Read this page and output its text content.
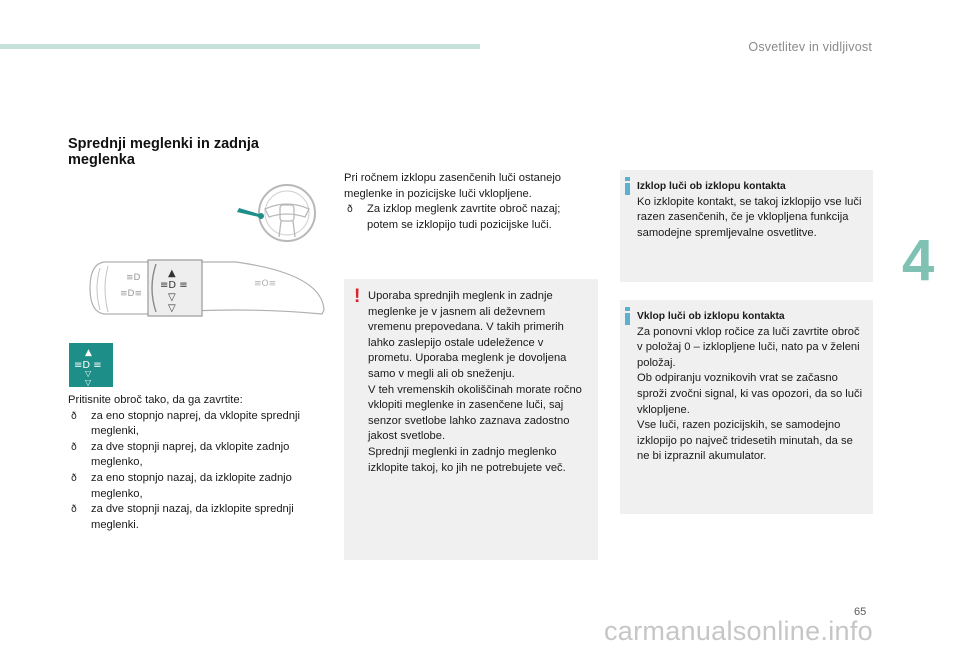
Osvetlitev in vidljivost
4
Sprednji meglenki in zadnja meglenka
≡D
≡D≡
▲
≡D ≡
▽
▽
≡O≡
▲
≡D ≡
▽
▽

Pritisnite obroč tako, da ga zavrtite:

ð za eno stopnjo naprej, da vklopite sprednji meglenki,
ð za dve stopnji naprej, da vklopite zadnjo meglenko,
ð za eno stopnjo nazaj, da izklopite zadnjo meglenko,
ð za dve stopnji nazaj, da izklopite sprednji meglenki.

Pri ročnem izklopu zasenčenih luči ostanejo meglenke in pozicijske luči vklopljene.

ð Za izklop meglenk zavrtite obroč nazaj; potem se izklopijo tudi pozicijske luči.
! Uporaba sprednjih meglenk in zadnje meglenke je v jasnem ali deževnem vremenu prepovedana. V takih primerih lahko zaslepijo ostale udeležence v prometu. Uporaba meglenk je dovoljena samo v megli ali ob sneženju.

V teh vremenskih okoliščinah morate ročno vklopiti meglenke in zasenčene luči, saj senzor svetlobe lahko zaznava zadostno jakost svetlobe.

Sprednji meglenki in zadnjo meglenko izklopite takoj, ko jih ne potrebujete več.

Izklop luči ob izklopu kontakta

Ko izklopite kontakt, se takoj izklopijo vse luči razen zasenčenih, če je vklopljena funkcija samodejne spremljevalne osvetlitve.

Vklop luči ob izklopu kontakta

Za ponovni vklop ročice za luči zavrtite obroč v položaj 0 – izklopljene luči, nato pa v želeni položaj.

Ob odpiranju voznikovih vrat se začasno sproži zvočni signal, ki vas opozori, da so luči vklopljene.

Vse luči, razen pozicijskih, se samodejno izklopijo po največ tridesetih minutah, da se ne bi izpraznil akumulator.

65
carmanualsonline.info
